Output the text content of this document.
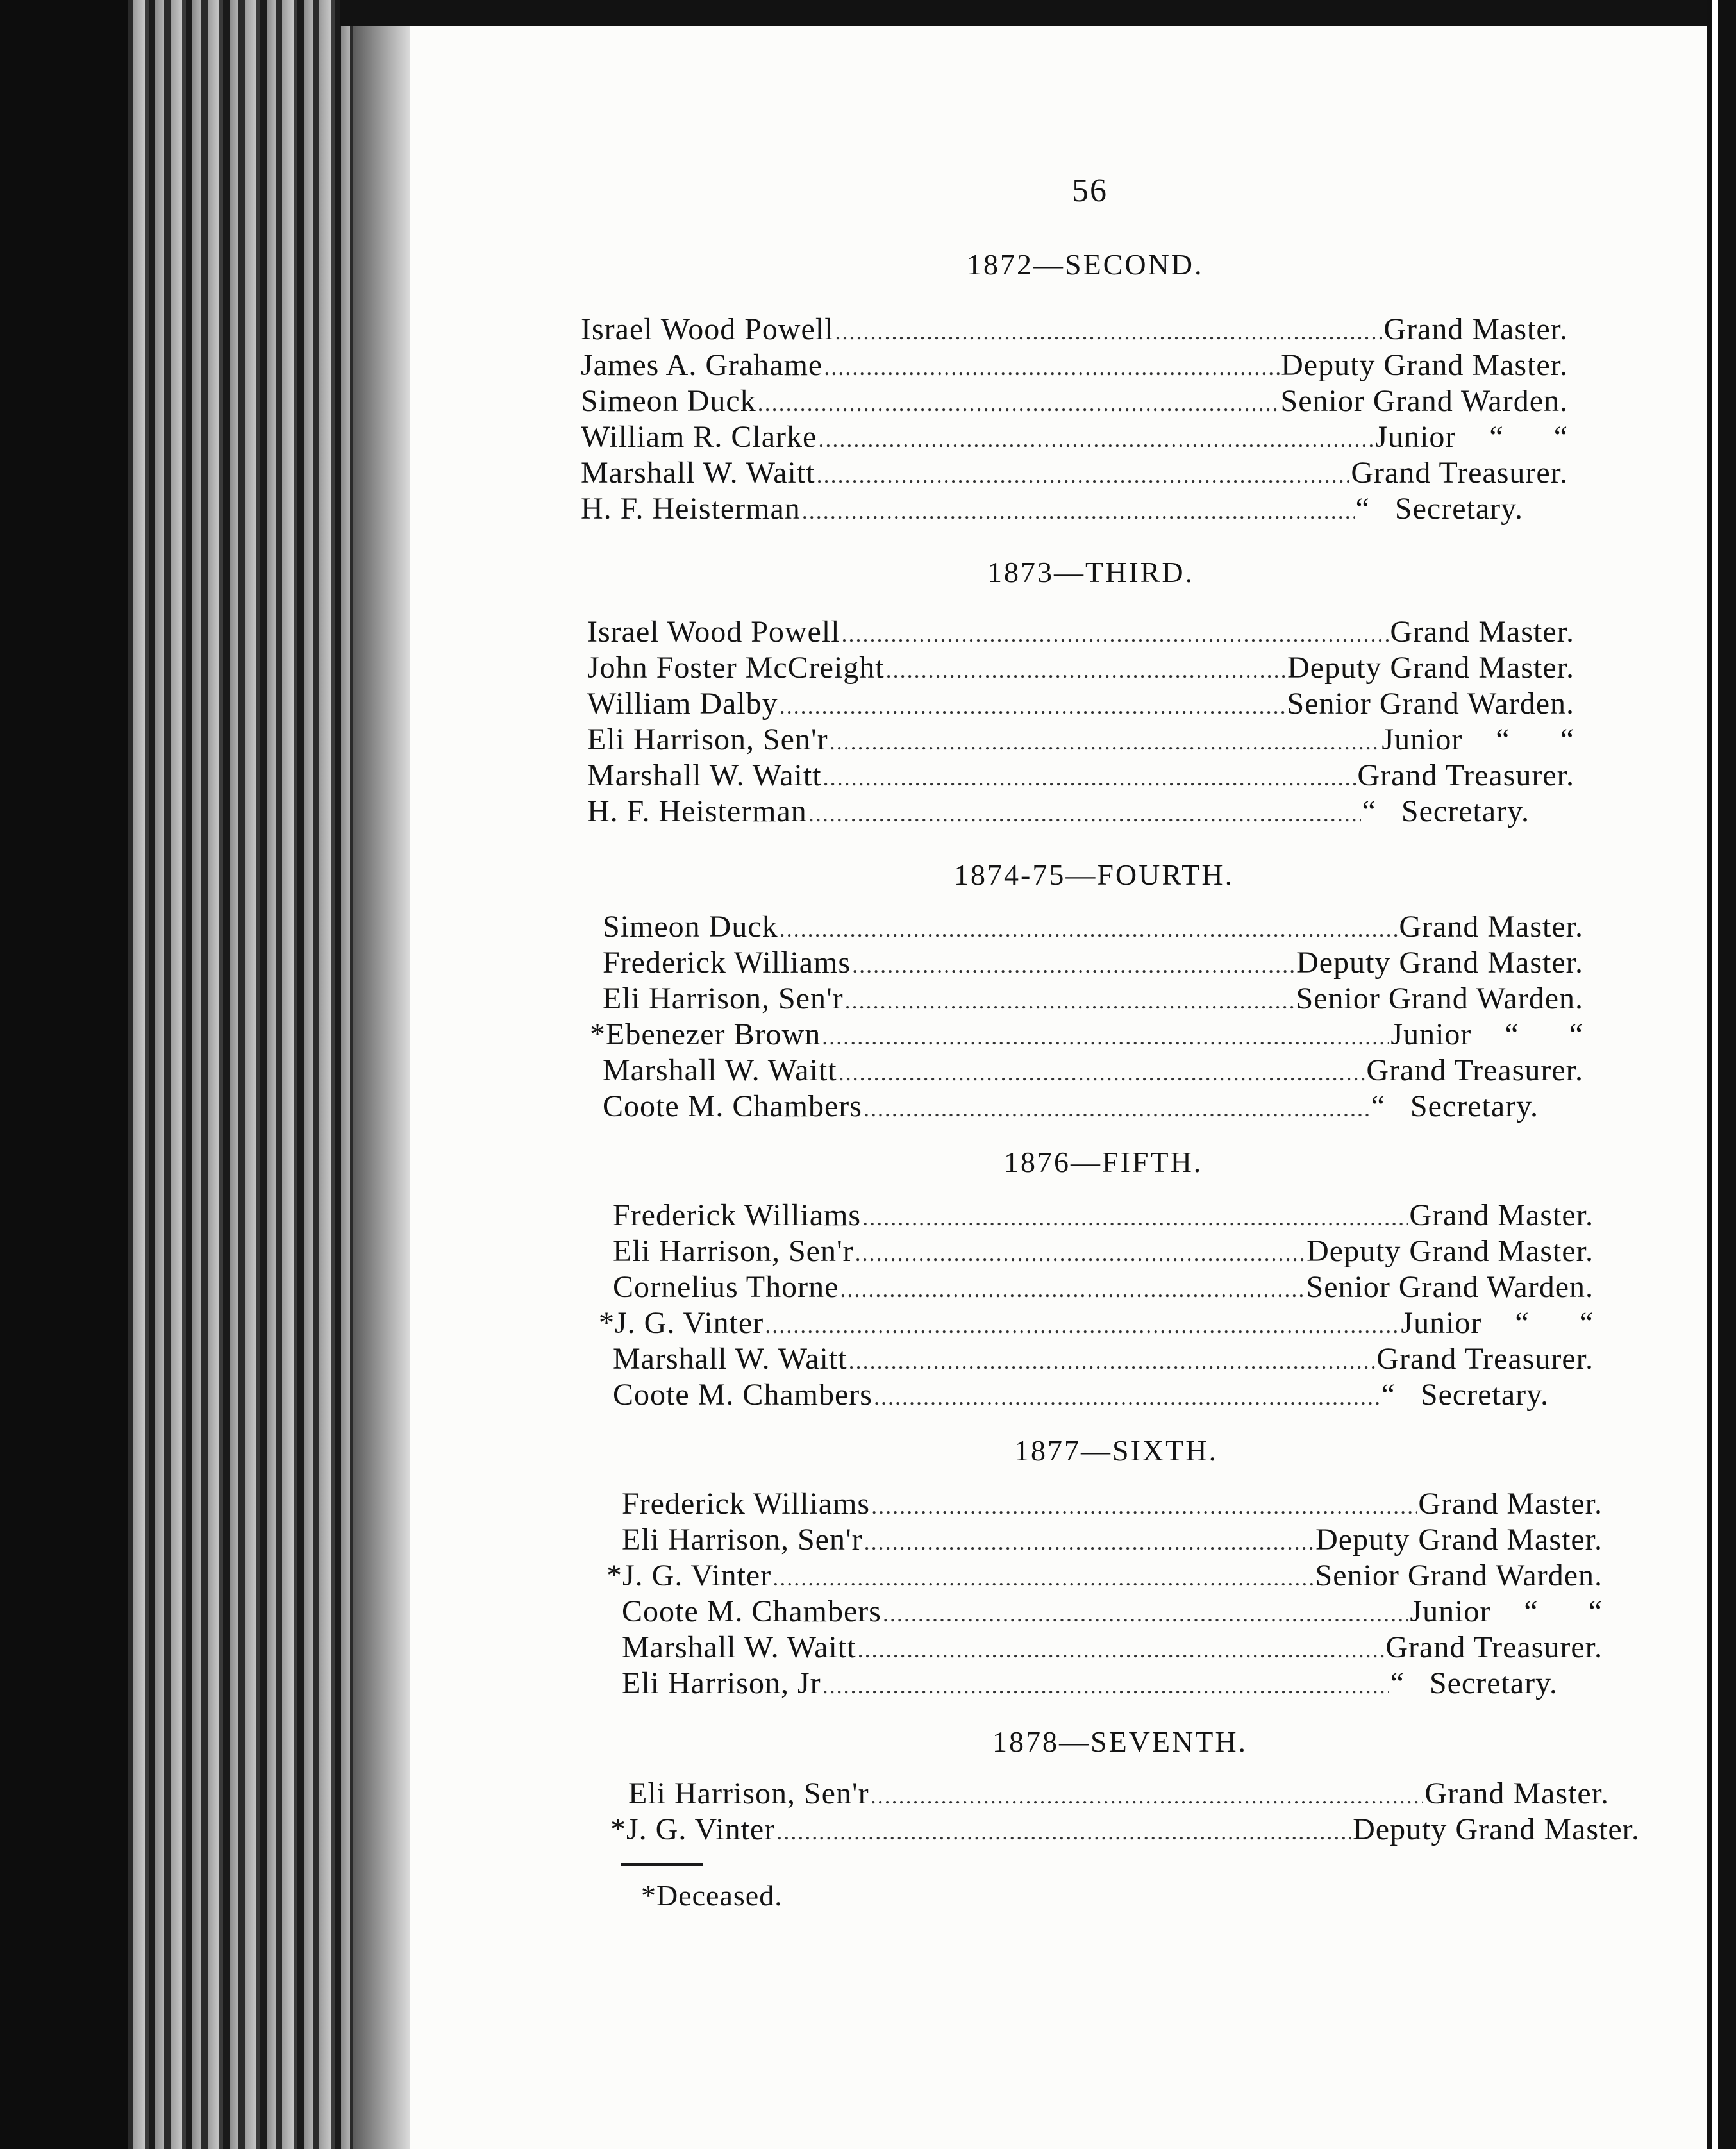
56
1872—SECOND.
Israel Wood Powell .....	Grand Master.
James A. Grahame .....	Deputy Grand Master.
Simeon Duck .....	Senior Grand Warden.
William R. Clarke .....	Junior    “      “
Marshall W. Waitt .....	Grand Treasurer.
H. F. Heisterman .....	“   Secretary.
1873—THIRD.
Israel Wood Powell .....	Grand Master.
John Foster McCreight .....	Deputy Grand Master.
William Dalby .....	Senior Grand Warden.
Eli Harrison, Sen'r .....	Junior    “      “
Marshall W. Waitt .....	Grand Treasurer.
H. F. Heisterman .....	“   Secretary.
1874-75—FOURTH.
Simeon Duck .....	Grand Master.
Frederick Williams .....	Deputy Grand Master.
Eli Harrison, Sen'r .....	Senior Grand Warden.
*Ebenezer Brown .....	Junior    “      “
Marshall W. Waitt .....	Grand Treasurer.
Coote M. Chambers .....	“   Secretary.
1876—FIFTH.
Frederick Williams .....	Grand Master.
Eli Harrison, Sen'r .....	Deputy Grand Master.
Cornelius Thorne .....	Senior Grand Warden.
*J. G. Vinter .....	Junior    “      “
Marshall W. Waitt .....	Grand Treasurer.
Coote M. Chambers .....	“   Secretary.
1877—SIXTH.
Frederick Williams .....	Grand Master.
Eli Harrison, Sen'r .....	Deputy Grand Master.
*J. G. Vinter .....	Senior Grand Warden.
Coote M. Chambers .....	Junior    “      “
Marshall W. Waitt .....	Grand Treasurer.
Eli Harrison, Jr .....	“   Secretary.
1878—SEVENTH.
Eli Harrison, Sen'r .....	Grand Master.
*J. G. Vinter .....	Deputy Grand Master.
*Deceased.
